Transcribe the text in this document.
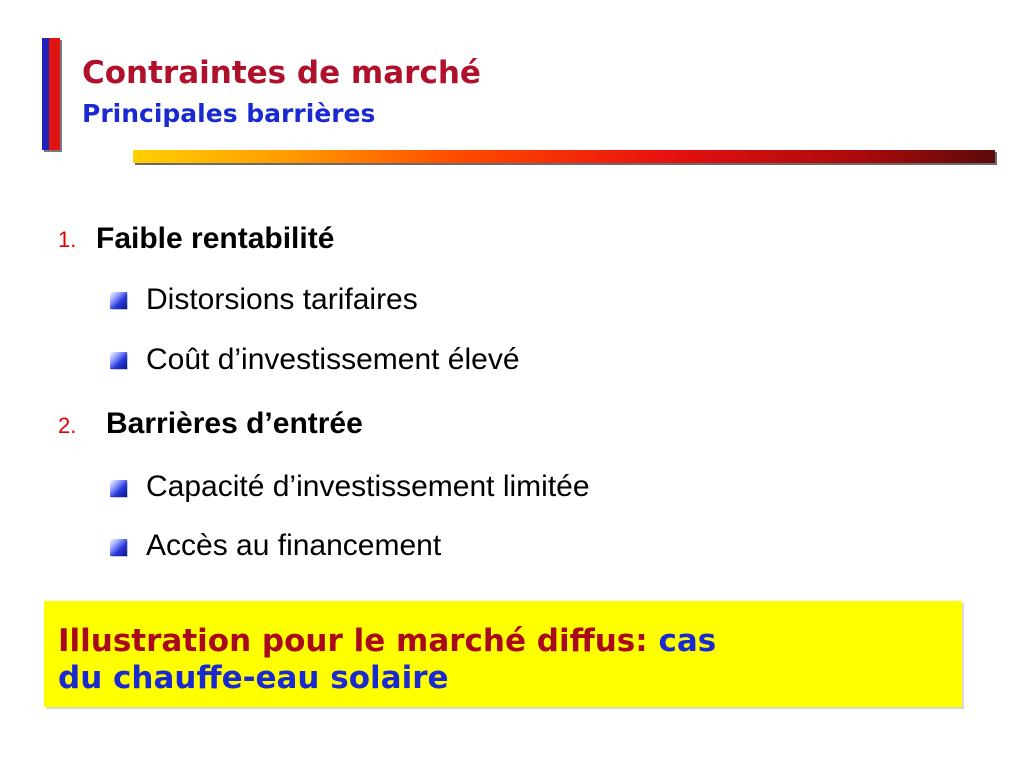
Contraintes de marché
Principales barrières
1. Faible rentabilité
Distorsions tarifaires
Coût d’investissement élevé
2. Barrières d’entrée
Capacité d’investissement limitée
Accès au financement
Illustration pour le marché diffus: cas
du chauffe-eau solaire
